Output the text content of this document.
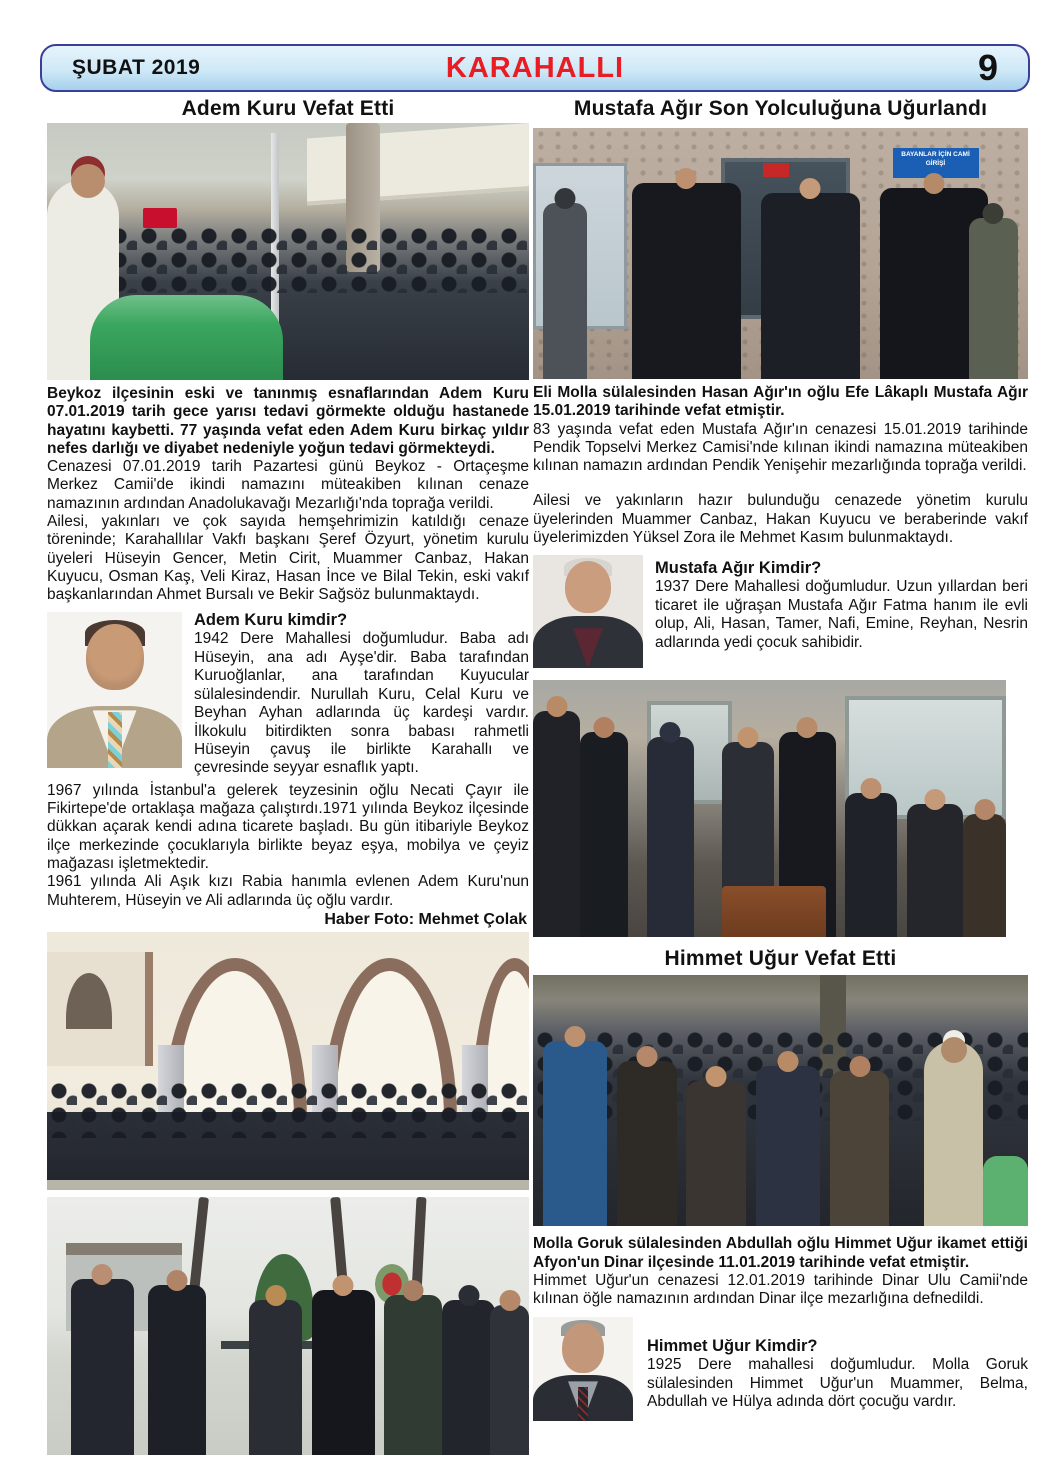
ŞUBAT 2019	KARAHALLI	9
Adem Kuru Vefat Etti

Beykoz ilçesinin eski ve tanınmış esnaflarından Adem Kuru 07.01.2019 tarih gece yarısı tedavi görmekte olduğu hastanede hayatını kaybetti. 77 yaşında vefat eden Adem Kuru birkaç yıldır nefes darlığı ve diyabet nedeniyle yoğun tedavi görmekteydi.

Cenazesi 07.01.2019 tarih Pazartesi günü Beykoz - Ortaçeşme Merkez Camii'de ikindi namazını müteakiben kılınan cenaze namazının ardından Anadolukavağı Mezarlığı'nda toprağa verildi.

Ailesi, yakınları ve çok sayıda hemşehrimizin katıldığı cenaze töreninde; Karahallılar Vakfı başkanı Şeref Özyurt, yönetim kurulu üyeleri Hüseyin Gencer, Metin Cirit, Muammer Canbaz, Hakan Kuyucu, Osman Kaş, Veli Kiraz, Hasan İnce ve Bilal Tekin, eski vakıf başkanlarından Ahmet Bursalı ve Bekir Sağsöz bulunmaktaydı.

Adem Kuru kimdir?

1942 Dere Mahallesi doğumludur. Baba adı Hüseyin, ana adı Ayşe'dir. Baba tarafından Kuruoğlanlar, ana tarafından Kuyucular sülalesindendir. Nurullah Kuru, Celal Kuru ve Beyhan Ayhan adlarında üç kardeşi vardır. İlkokulu bitirdikten sonra babası rahmetli Hüseyin çavuş ile birlikte Karahallı ve çevresinde seyyar esnaflık yaptı.

1967 yılında İstanbul'a gelerek teyzesinin oğlu Necati Çayır ile Fikirtepe'de ortaklaşa mağaza çalıştırdı.1971 yılında Beykoz ilçesinde dükkan açarak kendi adına ticarete başladı. Bu gün itibariyle Beykoz ilçe merkezinde çocuklarıyla birlikte beyaz eşya, mobilya ve çeyiz mağazası işletmektedir.

1961 yılında Ali Aşık kızı Rabia hanımla evlenen Adem Kuru'nun Muhterem, Hüseyin ve Ali adlarında üç oğlu vardır.

Haber Foto: Mehmet Çolak

Mustafa Ağır Son Yolculuğuna Uğurlandı
BAYANLAR İÇİN CAMİ GİRİŞİ

Eli Molla sülalesinden Hasan Ağır'ın oğlu Efe Lâkaplı Mustafa Ağır 15.01.2019 tarihinde vefat etmiştir.

83 yaşında vefat eden Mustafa Ağır'ın cenazesi 15.01.2019 tarihinde Pendik Topselvi Merkez Camisi'nde kılınan ikindi namazına müteakiben kılınan namazın ardından Pendik Yenişehir mezarlığında toprağa verildi.

Ailesi ve yakınların hazır bulunduğu cenazede yönetim kurulu üyelerinden Muammer Canbaz, Hakan Kuyucu ve beraberinde vakıf üyelerimizden Yüksel Zora ile Mehmet Kasım bulunmaktaydı.

Mustafa Ağır Kimdir?

1937 Dere Mahallesi doğumludur. Uzun yıllardan beri ticaret ile uğraşan Mustafa Ağır Fatma hanım ile evli olup, Ali, Hasan, Tamer, Nafi, Emine, Reyhan, Nesrin adlarında yedi çocuk sahibidir.

Himmet Uğur Vefat Etti

Molla Goruk sülalesinden Abdullah oğlu Himmet Uğur ikamet ettiği Afyon'un Dinar ilçesinde 11.01.2019 tarihinde vefat etmiştir.

Himmet Uğur'un cenazesi 12.01.2019 tarihinde Dinar Ulu Camii'nde kılınan öğle namazının ardından Dinar ilçe mezarlığına defnedildi.

Himmet Uğur Kimdir?

1925 Dere mahallesi doğumludur. Molla Goruk sülalesinden Himmet Uğur'un Muammer, Belma, Abdullah ve Hülya adında dört çocuğu vardır.
